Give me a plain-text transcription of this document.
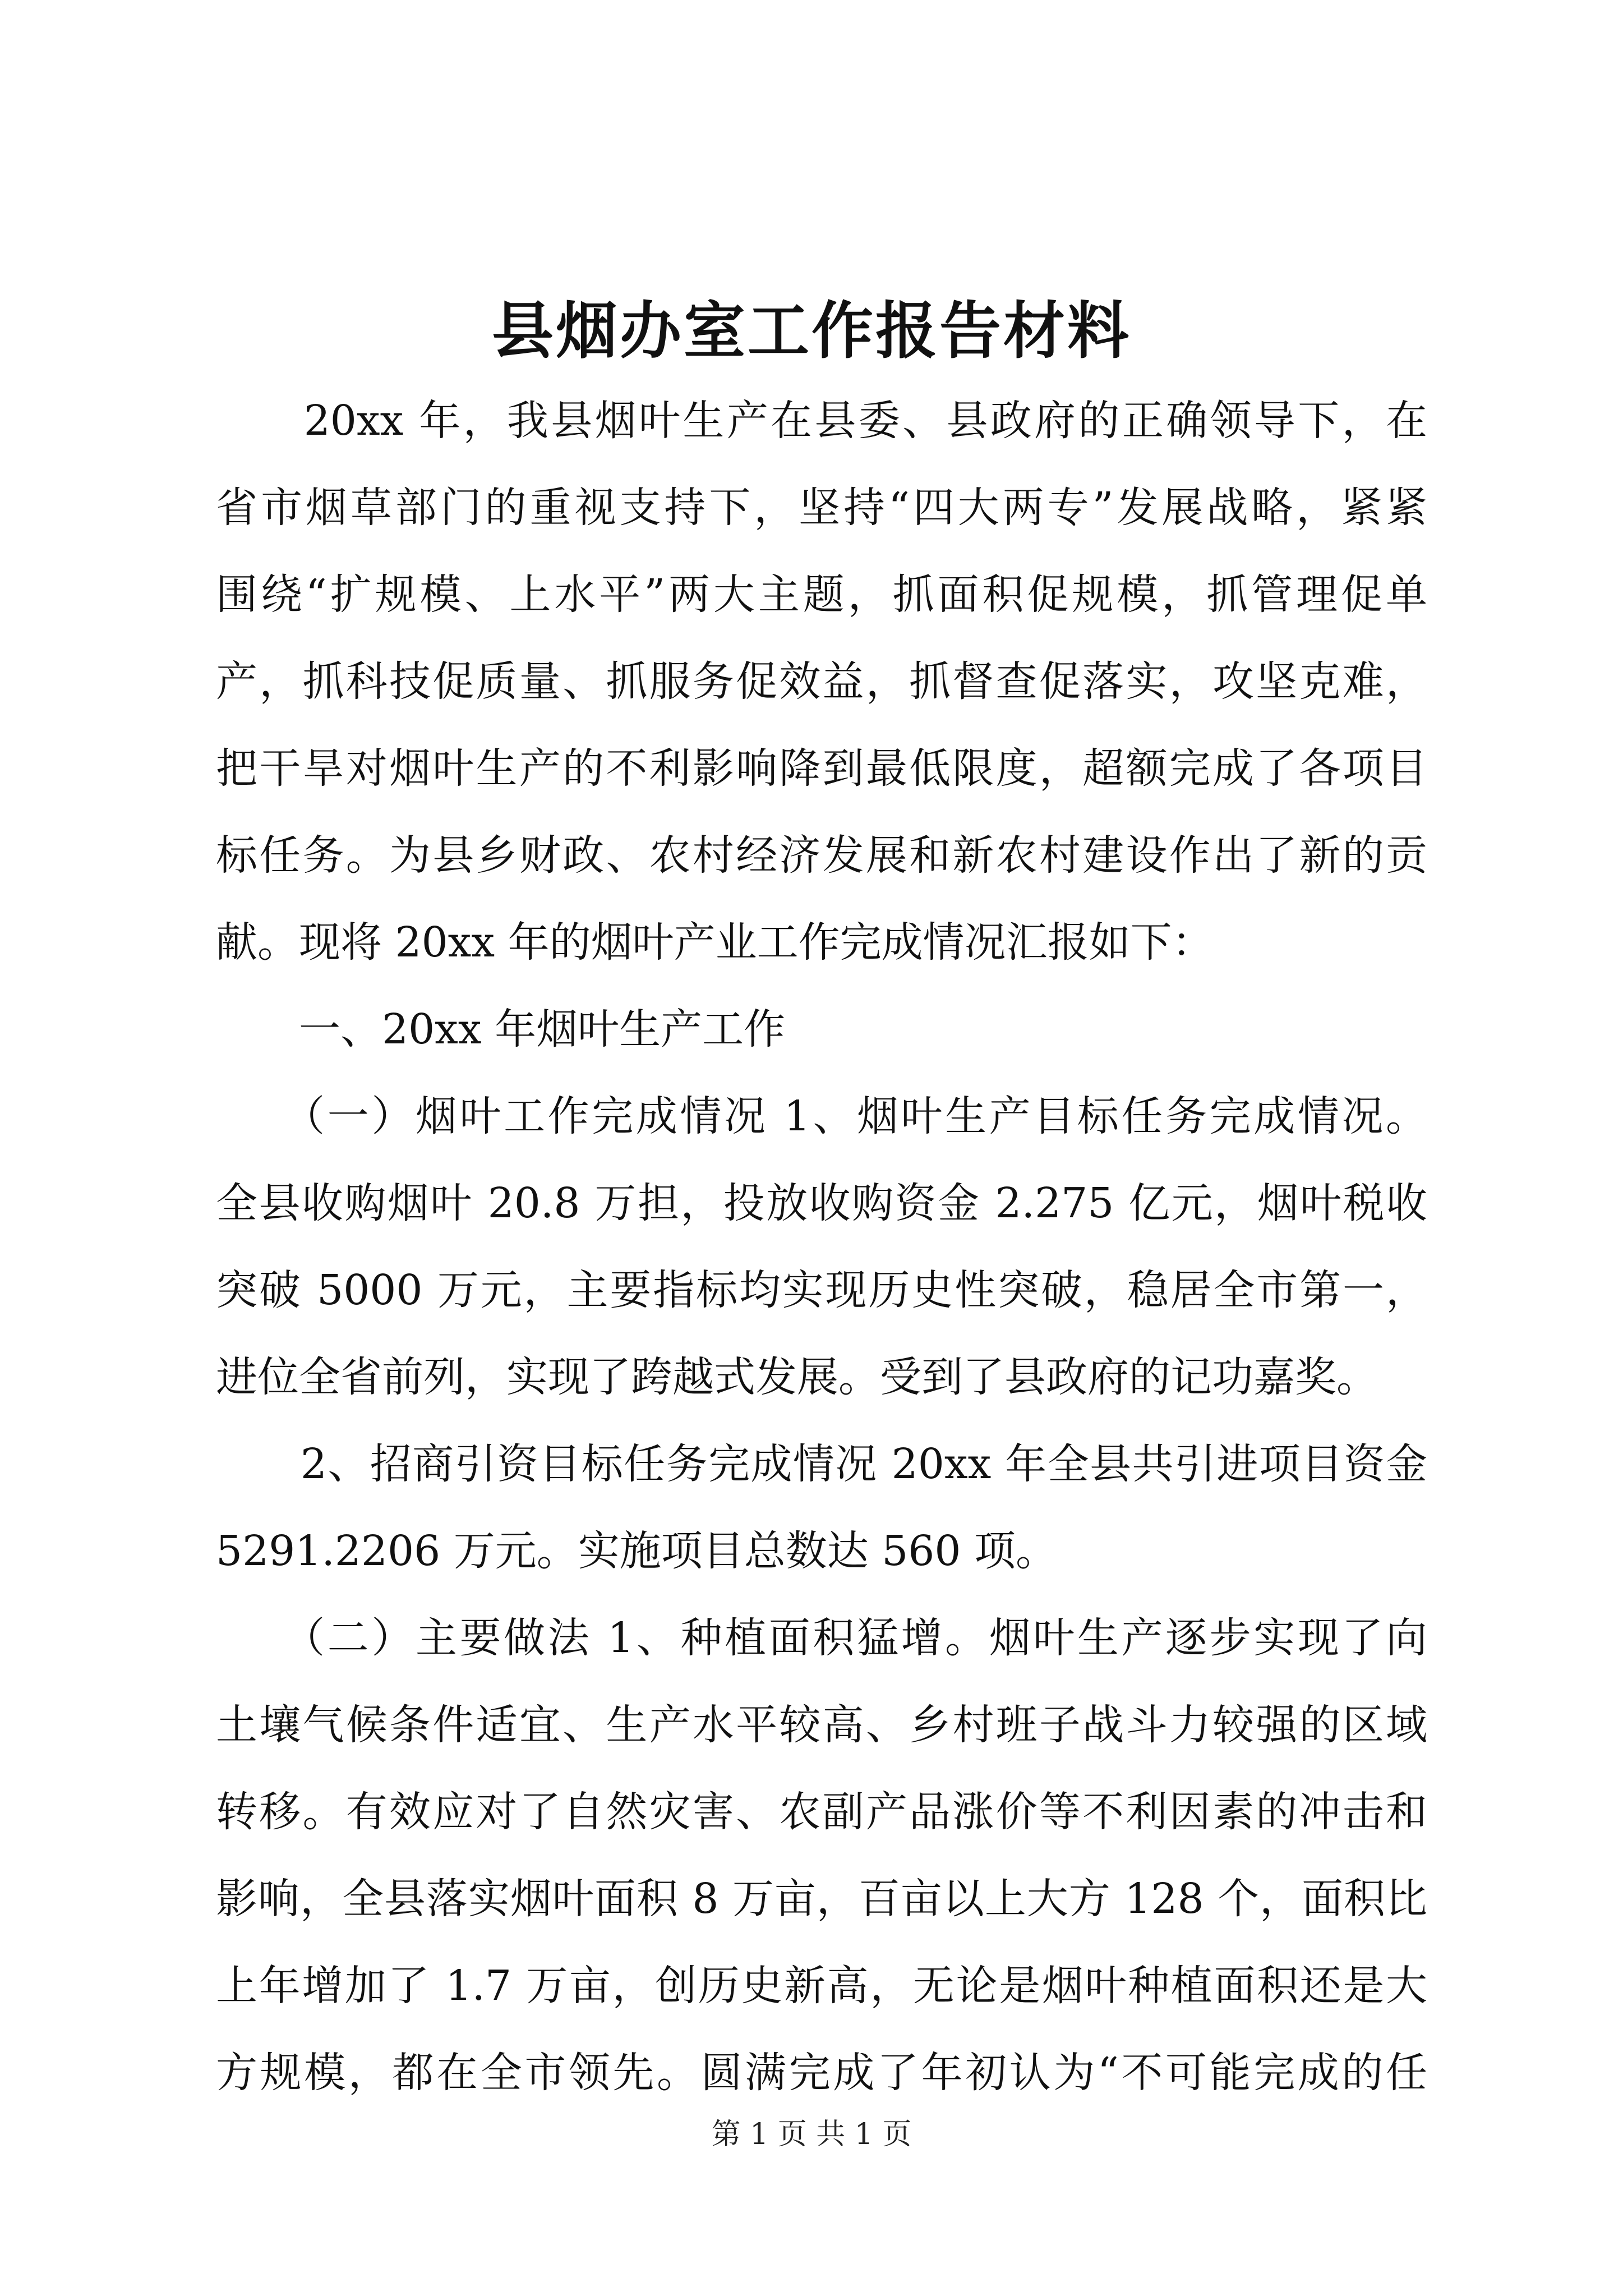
县烟办室工作报告材料
　　20xx 年，我县烟叶生产在县委、县政府的正确领导下，在
省市烟草部门的重视支持下，坚持“四大两专”发展战略，紧紧
围绕“扩规模、上水平”两大主题，抓面积促规模，抓管理促单
产，抓科技促质量、抓服务促效益，抓督查促落实，攻坚克难，
把干旱对烟叶生产的不利影响降到最低限度，超额完成了各项目
标任务。为县乡财政、农村经济发展和新农村建设作出了新的贡
献。现将 20xx 年的烟叶产业工作完成情况汇报如下：
　　一、20xx 年烟叶生产工作
　　（一）烟叶工作完成情况 1、烟叶生产目标任务完成情况。
全县收购烟叶 20.8 万担，投放收购资金 2.275 亿元，烟叶税收
突破 5000 万元，主要指标均实现历史性突破，稳居全市第一，
进位全省前列，实现了跨越式发展。受到了县政府的记功嘉奖。
　　2、招商引资目标任务完成情况 20xx 年全县共引进项目资金
5291.2206 万元。实施项目总数达 560 项。
　　（二）主要做法 1、种植面积猛增。烟叶生产逐步实现了向
土壤气候条件适宜、生产水平较高、乡村班子战斗力较强的区域
转移。有效应对了自然灾害、农副产品涨价等不利因素的冲击和
影响，全县落实烟叶面积 8 万亩，百亩以上大方 128 个，面积比
上年增加了 1.7 万亩，创历史新高，无论是烟叶种植面积还是大
方规模，都在全市领先。圆满完成了年初认为“不可能完成的任
第 1 页 共 1 页
